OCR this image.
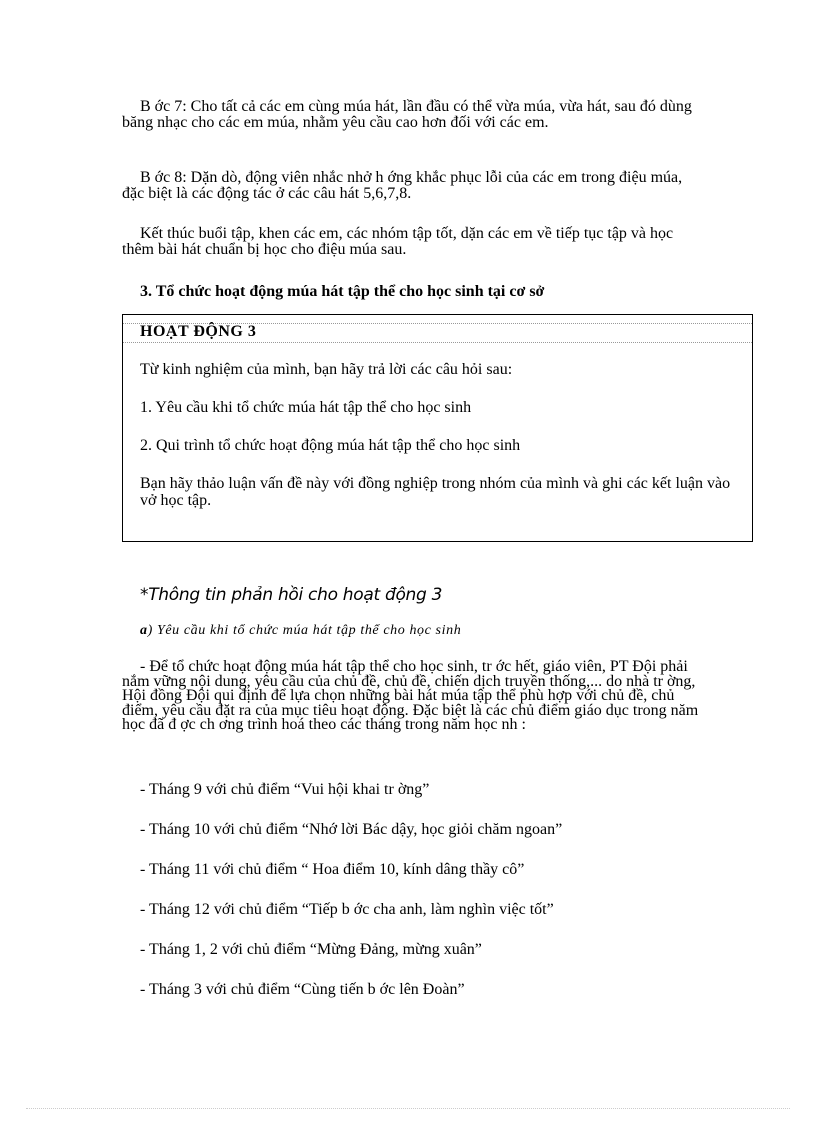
B ớc 7: Cho tất cả các em cùng múa hát, lần đầu có thể vừa múa, vừa hát, sau đó dùng băng nhạc cho các em múa, nhằm yêu cầu cao hơn đối với các em.

B ớc 8: Dặn dò, động viên nhắc nhở h ớng khắc phục lỗi của các em trong điệu múa, đặc biệt là các động tác ở các câu hát 5,6,7,8.

Kết thúc buổi tập, khen các em, các nhóm tập tốt, dặn các em về tiếp tục tập và học thêm bài hát chuẩn bị học cho điệu múa sau.

3. Tổ chức hoạt động múa hát tập thể cho học sinh tại cơ sở

HOẠT ĐỘNG 3
Từ kinh nghiệm của mình, bạn hãy trả lời các câu hỏi sau:
1. Yêu cầu khi tổ chức múa hát tập thể cho học sinh
2. Qui trình tổ chức hoạt động múa hát tập thể cho học sinh
Bạn hãy thảo luận vấn đề này với đồng nghiệp trong nhóm của mình và ghi các kết luận vào vở học tập.
*Thông tin phản hồi cho hoạt động 3
a) Yêu cầu khi tổ chức múa hát tập thể cho học sinh

- Để tổ chức hoạt động múa hát tập thể cho học sinh, tr ớc hết, giáo viên, PT Đội phải nắm vững nội dung, yêu cầu của chủ đề, chủ đề, chiến dịch truyền thống,... do nhà tr ờng, Hội đồng Đội qui định để lựa chọn những bài hát múa tập thể phù hợp với chủ đề, chủ điểm, yêu cầu đặt ra của mục tiêu hoạt động. Đặc biệt là các chủ điểm giáo dục trong năm học đã đ ợc ch ơng trình hoá theo các tháng trong năm học nh :

- Tháng 9 với chủ điểm “Vui hội khai tr ờng”
- Tháng 10 với chủ điểm “Nhớ lời Bác dậy, học giỏi chăm ngoan”
- Tháng 11 với chủ điểm “ Hoa điểm 10, kính dâng thầy cô”
- Tháng 12 với chủ điểm “Tiếp b ớc cha anh, làm nghìn việc tốt”
- Tháng 1, 2 với chủ điểm “Mừng Đảng, mừng xuân”
- Tháng 3 với chủ điểm “Cùng tiến b ớc lên Đoàn”
